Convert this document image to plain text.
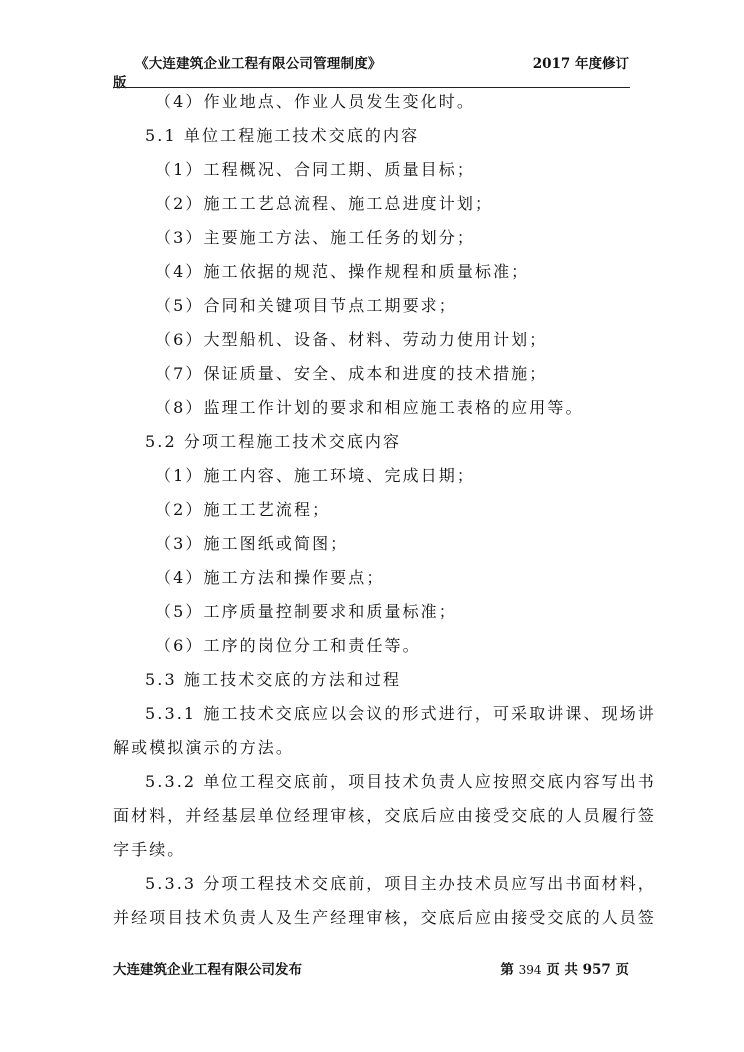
《大连建筑企业工程有限公司管理制度》	2017 年度修订
版
（4）作业地点、作业人员发生变化时。
5.1 单位工程施工技术交底的内容
（1）工程概况、合同工期、质量目标；
（2）施工工艺总流程、施工总进度计划；
（3）主要施工方法、施工任务的划分；
（4）施工依据的规范、操作规程和质量标准；
（5）合同和关键项目节点工期要求；
（6）大型船机、设备、材料、劳动力使用计划；
（7）保证质量、安全、成本和进度的技术措施；
（8）监理工作计划的要求和相应施工表格的应用等。
5.2 分项工程施工技术交底内容
（1）施工内容、施工环境、完成日期；
（2）施工工艺流程；
（3）施工图纸或简图；
（4）施工方法和操作要点；
（5）工序质量控制要求和质量标准；
（6）工序的岗位分工和责任等。
5.3 施工技术交底的方法和过程
5.3.1 施工技术交底应以会议的形式进行，可采取讲课、现场讲
解或模拟演示的方法。
5.3.2 单位工程交底前，项目技术负责人应按照交底内容写出书
面材料，并经基层单位经理审核，交底后应由接受交底的人员履行签
字手续。
5.3.3 分项工程技术交底前，项目主办技术员应写出书面材料，
并经项目技术负责人及生产经理审核，交底后应由接受交底的人员签
大连建筑企业工程有限公司发布	第 394 页 共 957 页
